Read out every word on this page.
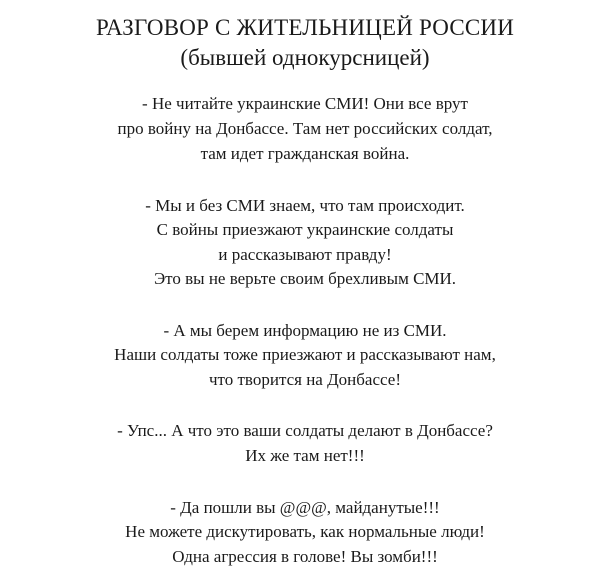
РАЗГОВОР С ЖИТЕЛЬНИЦЕЙ РОССИИ
(бывшей однокурсницей)
- Не читайте украинские СМИ! Они все врут
про войну на Донбассе. Там нет российских солдат,
там идет гражданская война.
- Мы и без СМИ знаем, что там происходит.
С войны приезжают украинские солдаты
и рассказывают правду!
Это вы не верьте своим брехливым СМИ.
- А мы берем информацию не из СМИ.
Наши солдаты тоже приезжают и рассказывают нам,
что творится на Донбассе!
- Упс... А что это ваши солдаты делают в Донбассе?
Их же там нет!!!
- Да пошли вы @@@, майданутые!!!
Не можете дискутировать, как нормальные люди!
Одна агрессия в голове! Вы зомби!!!
